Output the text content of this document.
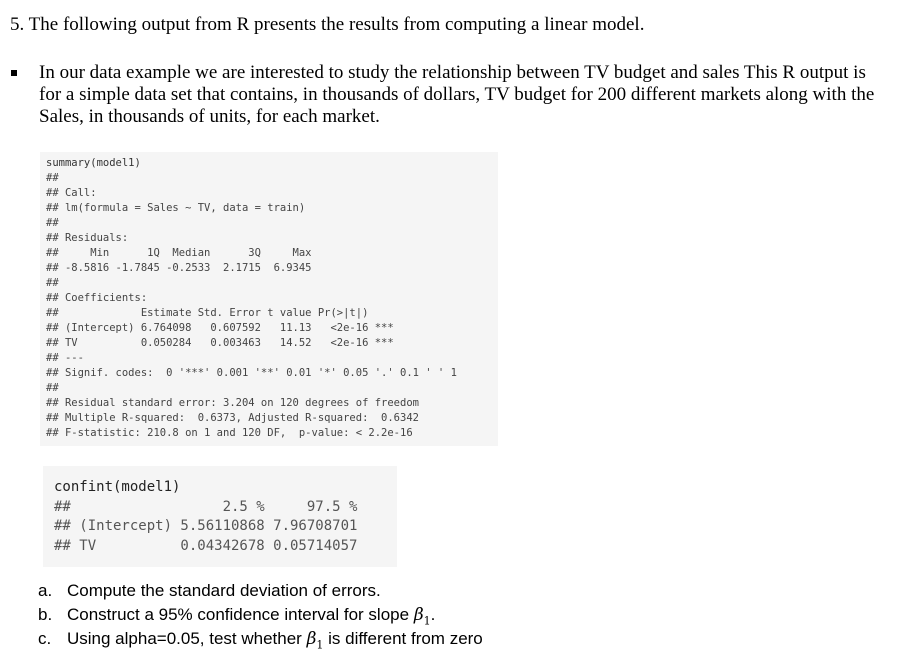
5. The following output from R presents the results from computing a linear model.
In our data example we are interested to study the relationship between TV budget and sales This R output is for a simple data set that contains, in thousands of dollars, TV budget for 200 different markets along with the Sales, in thousands of units, for each market.
summary(model1)
##
## Call:
## lm(formula = Sales ~ TV, data = train)
##
## Residuals:
##     Min      1Q  Median      3Q     Max
## -8.5816 -1.7845 -0.2533  2.1715  6.9345
##
## Coefficients:
##             Estimate Std. Error t value Pr(>|t|)
## (Intercept) 6.764098   0.607592   11.13   <2e-16 ***
## TV          0.050284   0.003463   14.52   <2e-16 ***
## ---
## Signif. codes:  0 '***' 0.001 '**' 0.01 '*' 0.05 '.' 0.1 ' ' 1
##
## Residual standard error: 3.204 on 120 degrees of freedom
## Multiple R-squared:  0.6373, Adjusted R-squared:  0.6342
## F-statistic: 210.8 on 1 and 120 DF,  p-value: < 2.2e-16
confint(model1)
##                  2.5 %     97.5 %
## (Intercept) 5.56110868 7.96708701
## TV          0.04342678 0.05714057
a. Compute the standard deviation of errors.
b. Construct a 95% confidence interval for slope $\beta_1$.
c. Using alpha=0.05, test whether $\beta_1$ is different from zero
